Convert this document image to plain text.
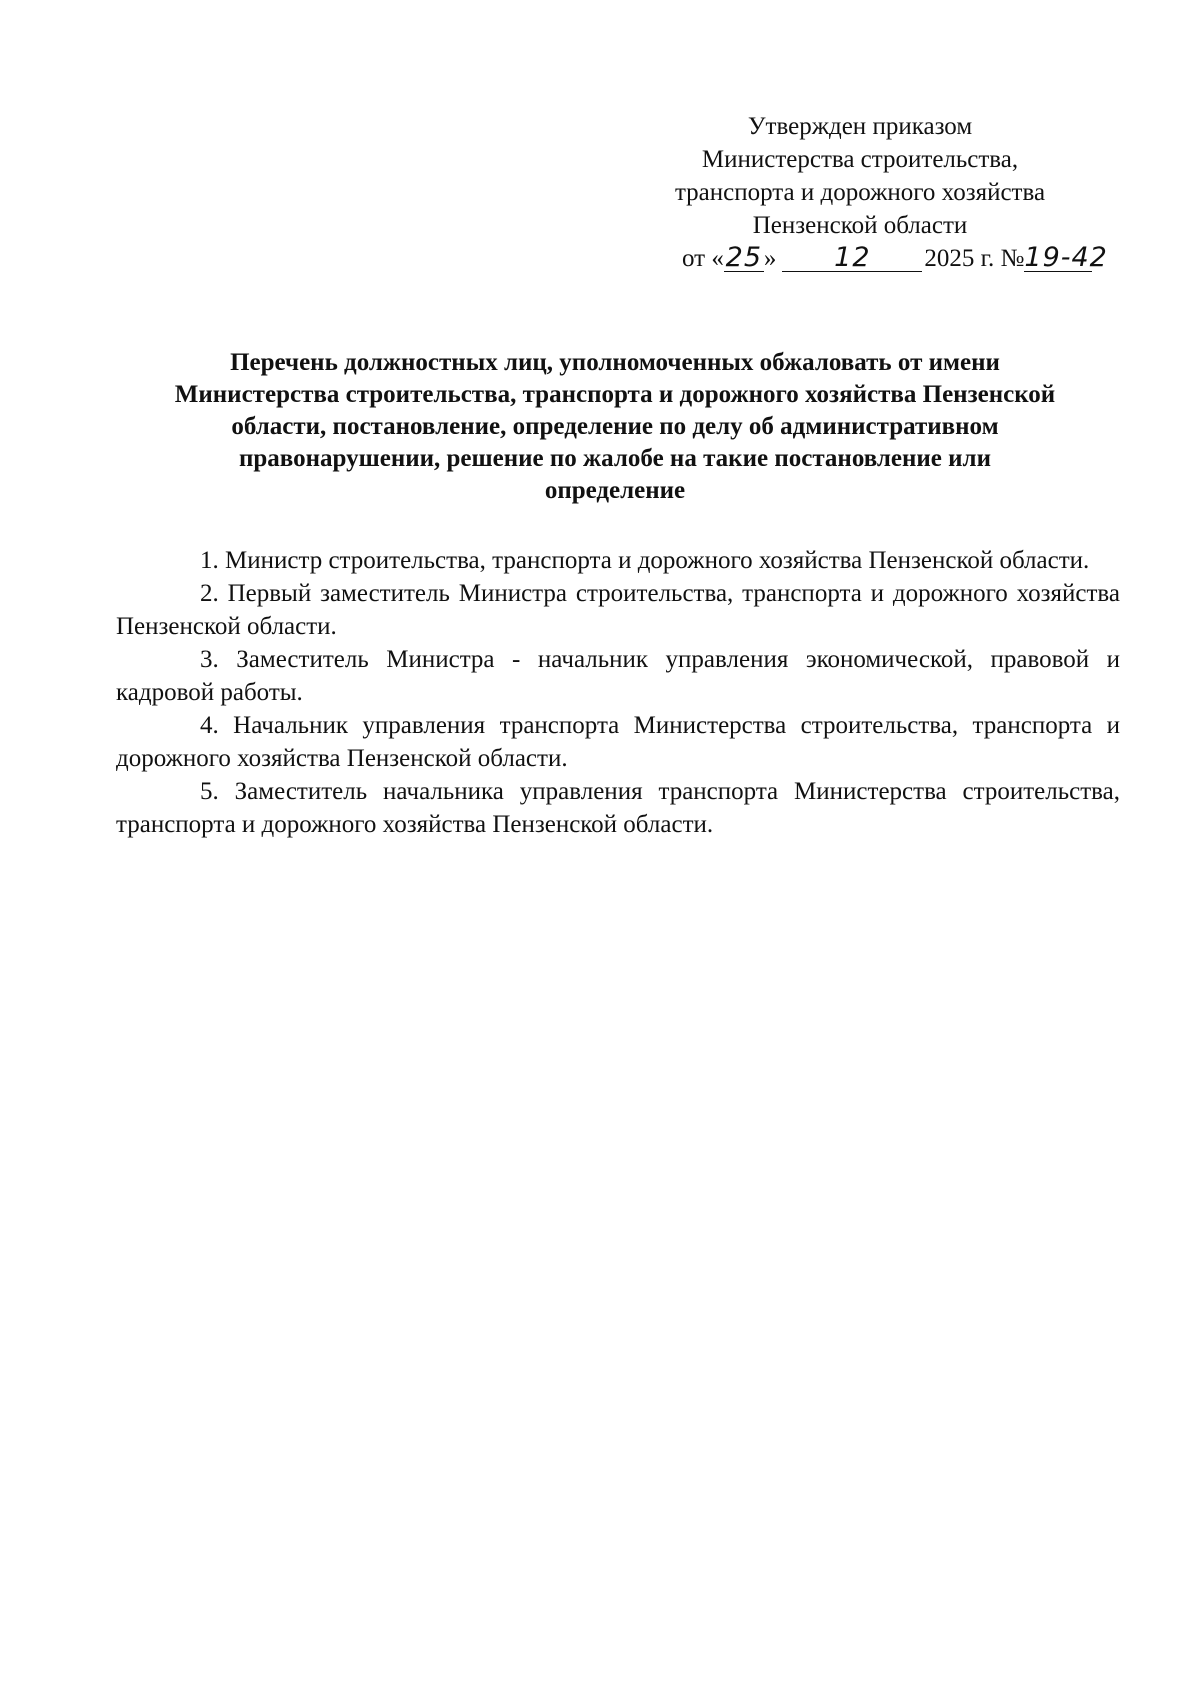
Утвержден приказом
Министерства строительства,
транспорта и дорожного хозяйства
Пензенской области
от «25» 12 2025 г. №19-42
Перечень должностных лиц, уполномоченных обжаловать от имени
Министерства строительства, транспорта и дорожного хозяйства Пензенской
области, постановление, определение по делу об административном
правонарушении, решение по жалобе на такие постановление или
определение

1. Министр строительства, транспорта и дорожного хозяйства Пензенской области.

2. Первый заместитель Министра строительства, транспорта и дорожного хозяйства Пензенской области.

3. Заместитель Министра - начальник управления экономической, правовой и кадровой работы.

4. Начальник управления транспорта Министерства строительства, транспорта и дорожного хозяйства Пензенской области.

5. Заместитель начальника управления транспорта Министерства строительства, транспорта и дорожного хозяйства Пензенской области.
